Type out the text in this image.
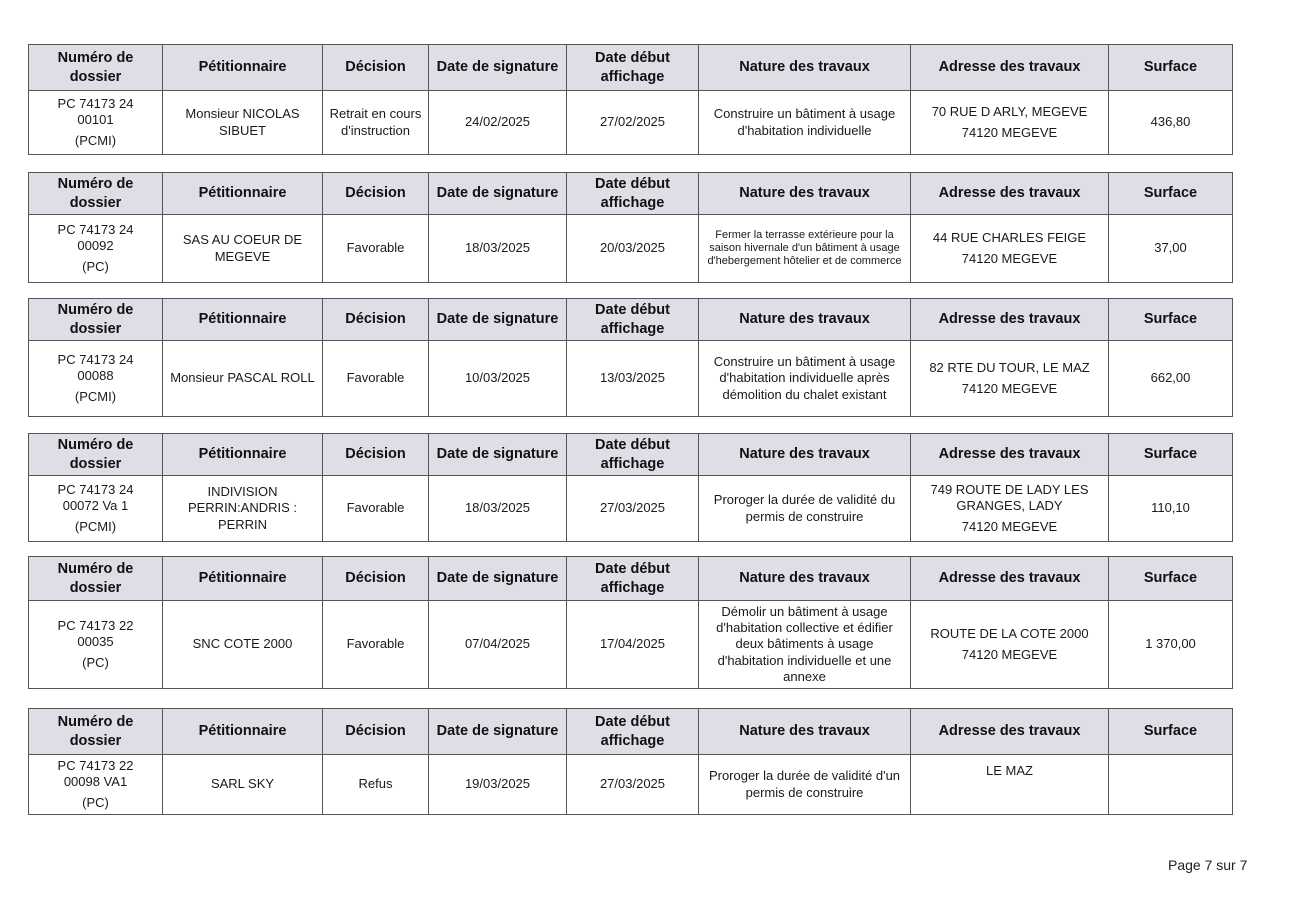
Numéro de dossier	Pétitionnaire	Décision	Date de signature	Date début affichage	Nature des travaux	Adresse des travaux	Surface

PC 74173 24
00101
(PCMI)	Monsieur NICOLAS SIBUET	Retrait en cours d'instruction	24/02/2025	27/02/2025	Construire un bâtiment à usage d'habitation individuelle	70 RUE D ARLY, MEGEVE
74120 MEGEVE	436,80
Numéro de dossier	Pétitionnaire	Décision	Date de signature	Date début affichage	Nature des travaux	Adresse des travaux	Surface

PC 74173 24
00092
(PC)	SAS AU COEUR DE MEGEVE	Favorable	18/03/2025	20/03/2025	Fermer la terrasse extérieure pour la saison hivernale d'un bâtiment à usage d'hebergement hôtelier et de commerce	44 RUE CHARLES FEIGE
74120 MEGEVE	37,00
Numéro de dossier	Pétitionnaire	Décision	Date de signature	Date début affichage	Nature des travaux	Adresse des travaux	Surface

PC 74173 24
00088
(PCMI)	Monsieur PASCAL ROLL	Favorable	10/03/2025	13/03/2025	Construire un bâtiment à usage d'habitation individuelle après démolition du chalet existant	82 RTE DU TOUR, LE MAZ
74120 MEGEVE	662,00
Numéro de dossier	Pétitionnaire	Décision	Date de signature	Date début affichage	Nature des travaux	Adresse des travaux	Surface

PC 74173 24
00072 Va 1
(PCMI)	INDIVISION PERRIN:ANDRIS : PERRIN	Favorable	18/03/2025	27/03/2025	Proroger la durée de validité du permis de construire	749 ROUTE DE LADY LES GRANGES, LADY
74120 MEGEVE	110,10
Numéro de dossier	Pétitionnaire	Décision	Date de signature	Date début affichage	Nature des travaux	Adresse des travaux	Surface

PC 74173 22
00035
(PC)	SNC COTE 2000	Favorable	07/04/2025	17/04/2025	Démolir un bâtiment à usage d'habitation collective et édifier deux bâtiments à usage d'habitation individuelle et une annexe	ROUTE DE LA COTE 2000
74120 MEGEVE	1 370,00
Numéro de dossier	Pétitionnaire	Décision	Date de signature	Date début affichage	Nature des travaux	Adresse des travaux	Surface

PC 74173 22
00098 VA1
(PC)	SARL SKY	Refus	19/03/2025	27/03/2025	Proroger la durée de validité d'un permis de construire	LE MAZ	

Page 7 sur 7
